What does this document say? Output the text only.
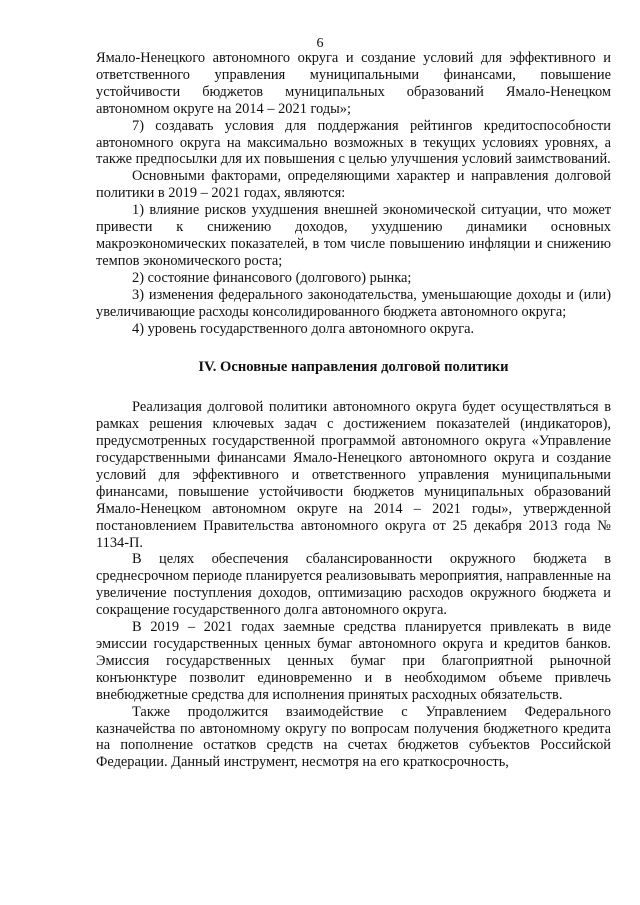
6

Ямало-Ненецкого автономного округа и создание условий для эффективного и ответственного управления муниципальными финансами, повышение устойчивости бюджетов муниципальных образований Ямало-Ненецком автономном округе на 2014 – 2021 годы»;

7) создавать условия для поддержания рейтингов кредитоспособности автономного округа на максимально возможных в текущих условиях уровнях, а также предпосылки для их повышения с целью улучшения условий заимствований.

Основными факторами, определяющими характер и направления долговой политики в 2019 – 2021 годах, являются:

1) влияние рисков ухудшения внешней экономической ситуации, что может привести к снижению доходов, ухудшению динамики основных макроэкономических показателей, в том числе повышению инфляции и снижению темпов экономического роста;

2) состояние финансового (долгового) рынка;

3) изменения федерального законодательства, уменьшающие доходы и (или) увеличивающие расходы консолидированного бюджета автономного округа;

4) уровень государственного долга автономного округа.

IV. Основные направления долговой политики

Реализация долговой политики автономного округа будет осуществляться в рамках решения ключевых задач с достижением показателей (индикаторов), предусмотренных государственной программой автономного округа «Управление государственными финансами Ямало-Ненецкого автономного округа и создание условий для эффективного и ответственного управления муниципальными финансами, повышение устойчивости бюджетов муниципальных образований Ямало-Ненецком автономном округе на 2014 – 2021 годы», утвержденной постановлением Правительства автономного округа от 25 декабря 2013 года № 1134-П.

В целях обеспечения сбалансированности окружного бюджета в среднесрочном периоде планируется реализовывать мероприятия, направленные на увеличение поступления доходов, оптимизацию расходов окружного бюджета и сокращение государственного долга автономного округа.

В 2019 – 2021 годах заемные средства планируется привлекать в виде эмиссии государственных ценных бумаг автономного округа и кредитов банков. Эмиссия государственных ценных бумаг при благоприятной рыночной конъюнктуре позволит единовременно и в необходимом объеме привлечь внебюджетные средства для исполнения принятых расходных обязательств.

Также продолжится взаимодействие с Управлением Федерального казначейства по автономному округу по вопросам получения бюджетного кредита на пополнение остатков средств на счетах бюджетов субъектов Российской Федерации. Данный инструмент, несмотря на его краткосрочность,
